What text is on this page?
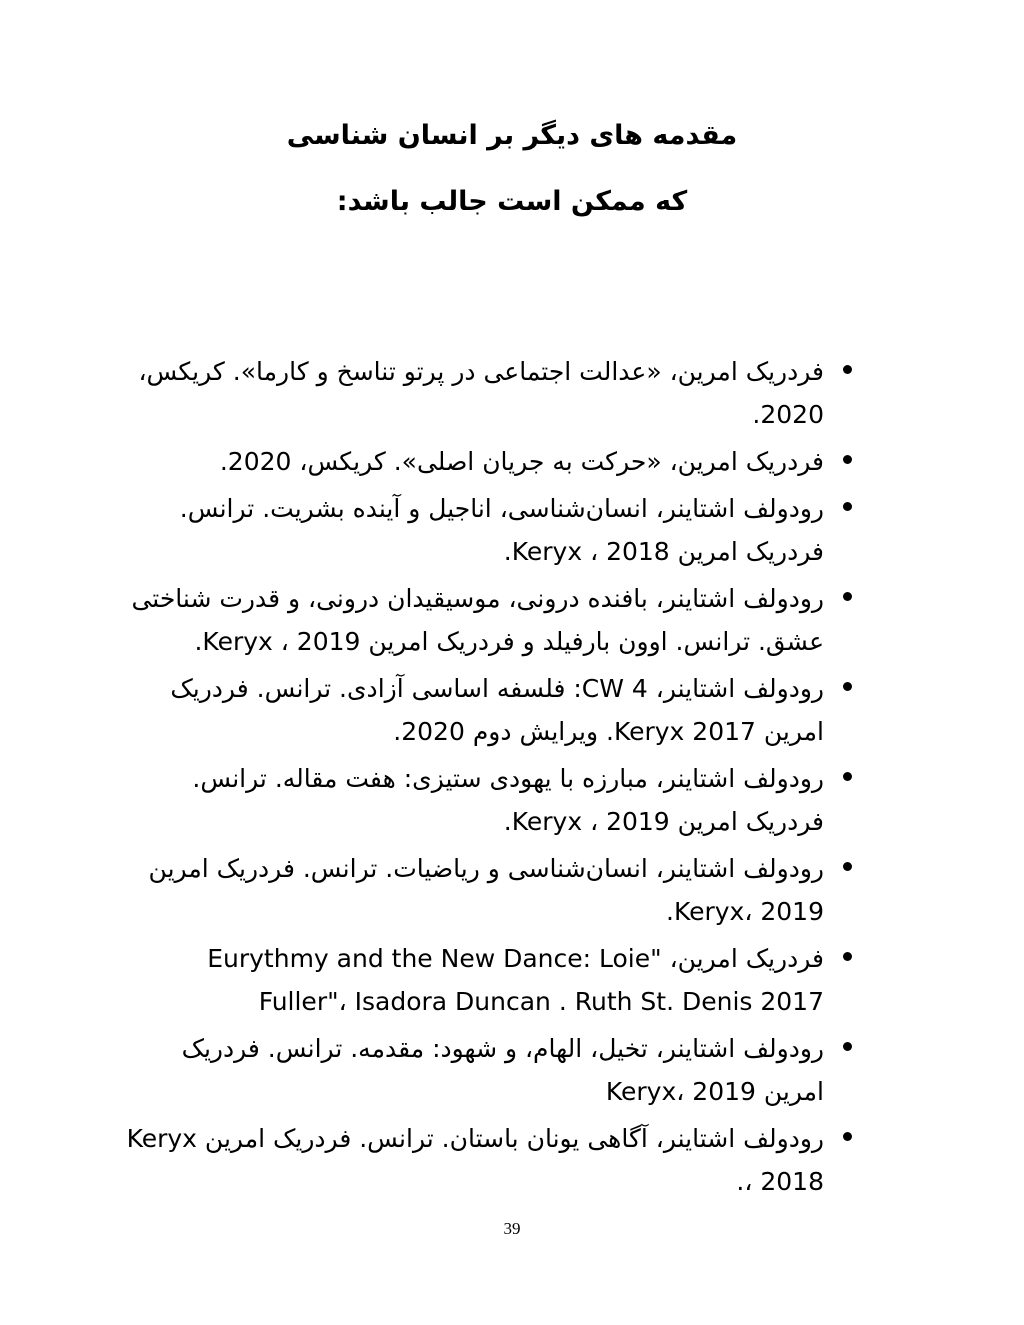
مقدمه های دیگر بر انسان شناسی
که ممکن است جالب باشد:
فردریک امرین، «عدالت اجتماعی در پرتو تناسخ و کارما». کریکس، 2020.
فردریک امرین، «حرکت به جریان اصلی». کریکس، 2020.
رودولف اشتاینر، انسان‌شناسی، اناجیل و آینده بشریت. ترانس. فردریک امرین Keryx ، 2018.
رودولف اشتاینر، بافنده درونی، موسیقیدان درونی، و قدرت شناختی عشق. ترانس. اوون بارفیلد و فردریک امرین Keryx ، 2019.
رودولف اشتاینر، CW 4: فلسفه اساسی آزادی. ترانس. فردریک امرین Keryx 2017. ویرایش دوم 2020.
رودولف اشتاینر، مبارزه با یهودی ستیزی: هفت مقاله. ترانس. فردریک امرین Keryx ، 2019.
رودولف اشتاینر، انسان‌شناسی و ریاضیات. ترانس. فردریک امرین Keryx، 2019.
فردریک امرین، "Eurythmy and the New Dance: Loie Fuller"، Isadora Duncan . Ruth St. Denis 2017
رودولف اشتاینر، تخیل، الهام، و شهود: مقدمه. ترانس. فردریک امرین Keryx، 2019
رودولف اشتاینر، آگاهی یونان باستان. ترانس. فردریک امرین Keryx ، 2018.
39
